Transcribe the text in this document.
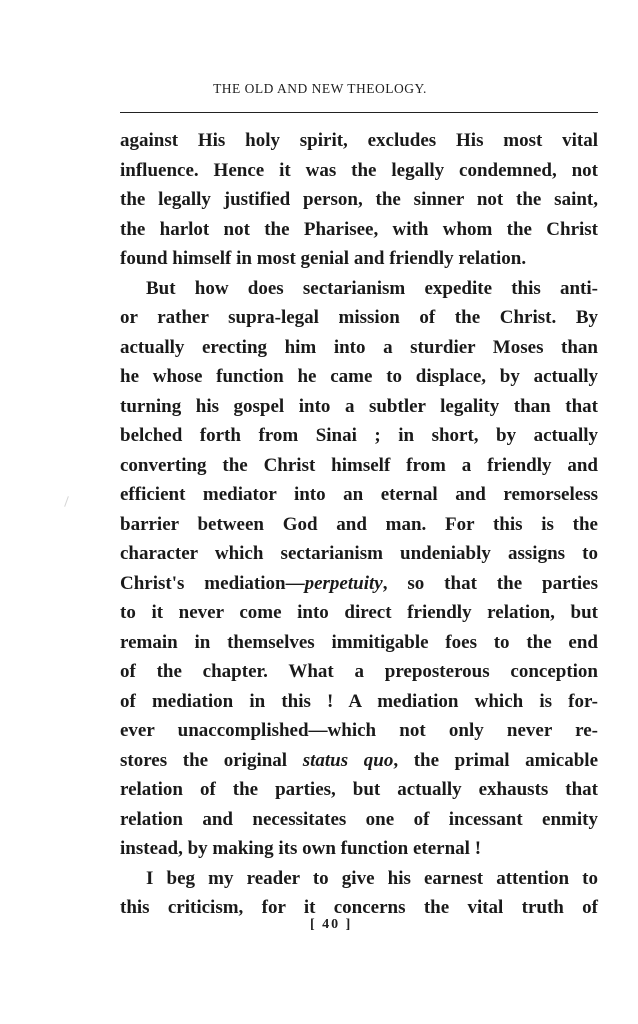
THE OLD AND NEW THEOLOGY.
against His holy spirit, excludes His most vital
influence. Hence it was the legally condemned, not
the legally justified person, the sinner not the saint,
the harlot not the Pharisee, with whom the Christ
found himself in most genial and friendly relation.
But how does sectarianism expedite this anti-
or rather supra-legal mission of the Christ. By
actually erecting him into a sturdier Moses than
he whose function he came to displace, by actually
turning his gospel into a subtler legality than that
belched forth from Sinai ; in short, by actually
converting the Christ himself from a friendly and
efficient mediator into an eternal and remorseless
barrier between God and man. For this is the
character which sectarianism undeniably assigns to
Christ's mediation—perpetuity, so that the parties
to it never come into direct friendly relation, but
remain in themselves immitigable foes to the end
of the chapter. What a preposterous conception
of mediation in this ! A mediation which is for-
ever unaccomplished—which not only never re-
stores the original status quo, the primal amicable
relation of the parties, but actually exhausts that
relation and necessitates one of incessant enmity
instead, by making its own function eternal !
I beg my reader to give his earnest attention to
this criticism, for it concerns the vital truth of
[ 40 ]
